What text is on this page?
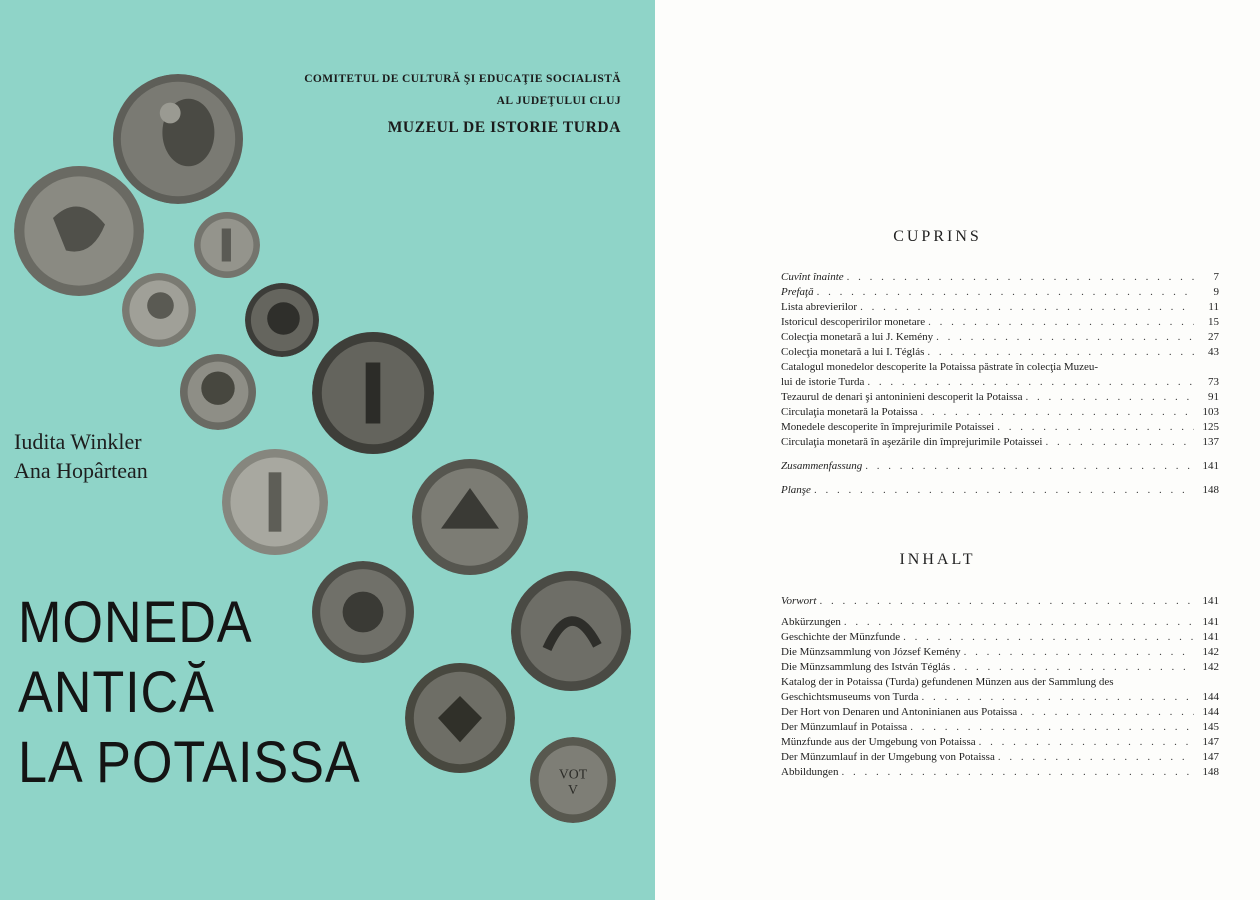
COMITETUL DE CULTURĂ ŞI EDUCAŢIE SOCIALISTĂ
AL JUDEŢULUI CLUJ
MUZEUL DE ISTORIE TURDA
VOT
V
Iudita Winkler
Ana Hopârtean
MONEDA
ANTICĂ
LA POTAISSA
CUPRINS
Cuvînt înainte . . .	7
Prefaţă . . .	9
Lista abrevierilor . . .	11
Istoricul descoperirilor monetare . . .	15
Colecţia monetară a lui J. Kemény . . .	27
Colecţia monetară a lui I. Téglás . . .	43
Catalogul monedelor descoperite la Potaissa păstrate în colecţia Muzeu-
lui de istorie Turda . . .	73
Tezaurul de denari şi antoninieni descoperit la Potaissa . . .	91
Circulaţia monetară la Potaissa . . .	103
Monedele descoperite în împrejurimile Potaissei . . .	125
Circulaţia monetară în aşezările din împrejurimile Potaissei . . .	137
Zusammenfassung . . .	141
Planşe . . .	148
INHALT
Vorwort . . .	141
Abkürzungen . . .	141
Geschichte der Münzfunde . . .	141
Die Münzsammlung von József Kemény . . .	142
Die Münzsammlung des István Téglás . . .	142
Katalog der in Potaissa (Turda) gefundenen Münzen aus der Sammlung des
Geschichtsmuseums von Turda . . .	144
Der Hort von Denaren und Antoninianen aus Potaissa . . .	144
Der Münzumlauf in Potaissa . . .	145
Münzfunde aus der Umgebung von Potaissa . . .	147
Der Münzumlauf in der Umgebung von Potaissa . . .	147
Abbildungen . . .	148
